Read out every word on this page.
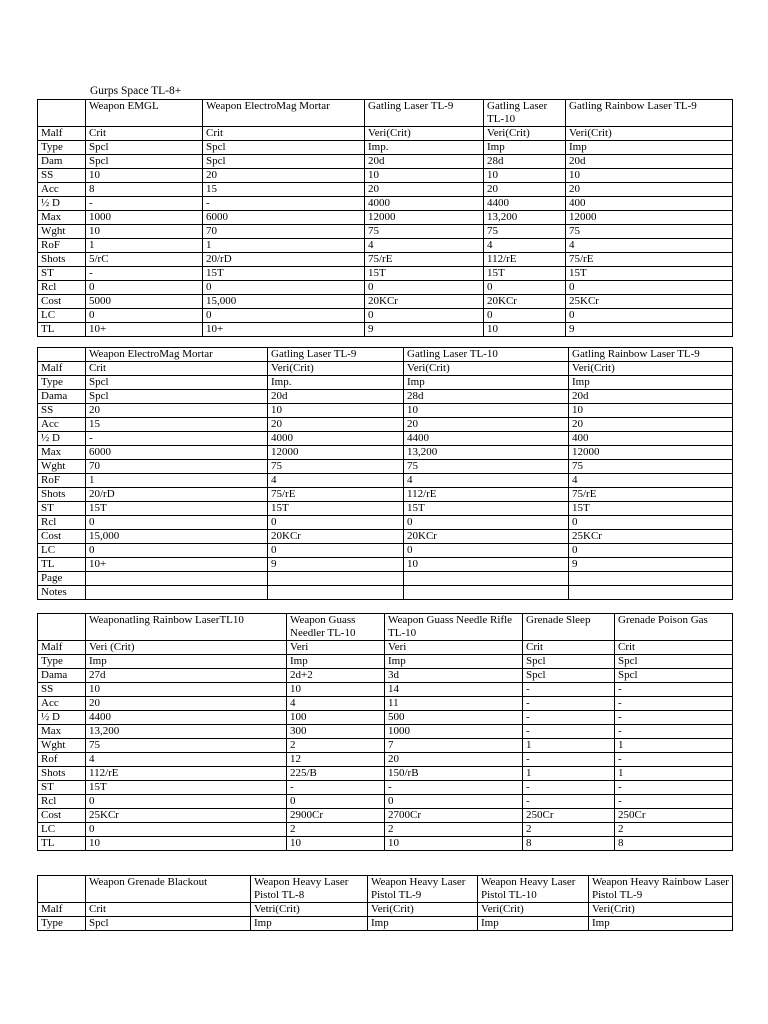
Gurps Space TL-8+
	Weapon EMGL	Weapon ElectroMag Mortar	Gatling Laser TL-9	Gatling Laser TL-10	Gatling Rainbow Laser TL-9
Malf	Crit	Crit	Veri(Crit)	Veri(Crit)	Veri(Crit)
Type	Spcl	Spcl	Imp.	Imp	Imp
Dam	Spcl	Spcl	20d	28d	20d
SS	10	20	10	10	10
Acc	8	15	20	20	20
½ D	-	-	4000	4400	400
Max	1000	6000	12000	13,200	12000
Wght	10	70	75	75	75
RoF	1	1	4	4	4
Shots	5/rC	20/rD	75/rE	112/rE	75/rE
ST	-	15T	15T	15T	15T
Rcl	0	0	0	0	0
Cost	5000	15,000	20KCr	20KCr	25KCr
LC	0	0	0	0	0
TL	10+	10+	9	10	9
	Weapon ElectroMag Mortar	Gatling Laser TL-9	Gatling Laser TL-10	Gatling Rainbow Laser TL-9
Malf	Crit	Veri(Crit)	Veri(Crit)	Veri(Crit)
Type	Spcl	Imp.	Imp	Imp
Dama	Spcl	20d	28d	20d
SS	20	10	10	10
Acc	15	20	20	20
½ D	-	4000	4400	400
Max	6000	12000	13,200	12000
Wght	70	75	75	75
RoF	1	4	4	4
Shots	20/rD	75/rE	112/rE	75/rE
ST	15T	15T	15T	15T
Rcl	0	0	0	0
Cost	15,000	20KCr	20KCr	25KCr
LC	0	0	0	0
TL	10+	9	10	9
Page				
Notes				
	Weaponatling Rainbow LaserTL10	Weapon Guass Needler TL-10	Weapon Guass Needle Rifle TL-10	Grenade Sleep	Grenade Poison Gas
Malf	Veri (Crit)	Veri	Veri	Crit	Crit
Type	Imp	Imp	Imp	Spcl	Spcl
Dama	27d	2d+2	3d	Spcl	Spcl
SS	10	10	14	-	-
Acc	20	4	11	-	-
½ D	4400	100	500	-	-
Max	13,200	300	1000	-	-
Wght	75	2	7	1	1
Rof	4	12	20	-	-
Shots	112/rE	225/B	150/rB	1	1
ST	15T	-	-	-	-
Rcl	0	0	0	-	-
Cost	25KCr	2900Cr	2700Cr	250Cr	250Cr
LC	0	2	2	2	2
TL	10	10	10	8	8
	Weapon Grenade Blackout	Weapon Heavy Laser Pistol TL-8	Weapon Heavy Laser Pistol TL-9	Weapon Heavy Laser Pistol TL-10	Weapon Heavy Rainbow Laser Pistol TL-9
Malf	Crit	Vetri(Crit)	Veri(Crit)	Veri(Crit)	Veri(Crit)
Type	Spcl	Imp	Imp	Imp	Imp
